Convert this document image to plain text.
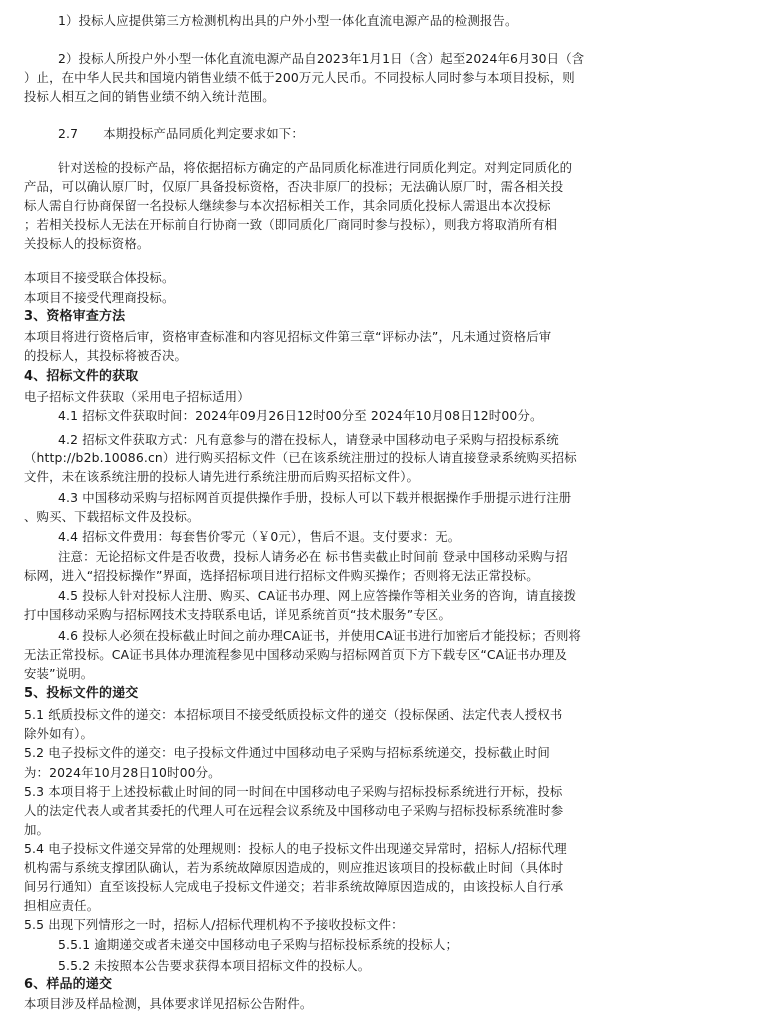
1）投标人应提供第三方检测机构出具的户外小型一体化直流电源产品的检测报告。
2）投标人所投户外小型一体化直流电源产品自2023年1月1日（含）起至2024年6月30日（含
）止，在中华人民共和国境内销售业绩不低于200万元人民币。不同投标人同时参与本项目投标，则
投标人相互之间的销售业绩不纳入统计范围。
2.7　　本期投标产品同质化判定要求如下：
针对送检的投标产品，将依据招标方确定的产品同质化标准进行同质化判定。对判定同质化的
产品，可以确认原厂时，仅原厂具备投标资格，否决非原厂的投标；无法确认原厂时，需各相关投
标人需自行协商保留一名投标人继续参与本次招标相关工作，其余同质化投标人需退出本次投标
；若相关投标人无法在开标前自行协商一致（即同质化厂商同时参与投标），则我方将取消所有相
关投标人的投标资格。
本项目不接受联合体投标。
本项目不接受代理商投标。
3、资格审查方法
本项目将进行资格后审，资格审查标准和内容见招标文件第三章“评标办法”，凡未通过资格后审
的投标人，其投标将被否决。
4、招标文件的获取
电子招标文件获取（采用电子招标适用）
4.1 招标文件获取时间：2024年09月26日12时00分至 2024年10月08日12时00分。
4.2 招标文件获取方式：凡有意参与的潜在投标人，请登录中国移动电子采购与招投标系统
（http://b2b.10086.cn）进行购买招标文件（已在该系统注册过的投标人请直接登录系统购买招标
文件，未在该系统注册的投标人请先进行系统注册而后购买招标文件）。
4.3 中国移动采购与招标网首页提供操作手册，投标人可以下载并根据操作手册提示进行注册
、购买、下载招标文件及投标。
4.4 招标文件费用：每套售价零元（￥0元），售后不退。支付要求：无。
注意：无论招标文件是否收费，投标人请务必在 标书售卖截止时间前 登录中国移动采购与招
标网，进入“招投标操作”界面，选择招标项目进行招标文件购买操作；否则将无法正常投标。
4.5 投标人针对投标人注册、购买、CA证书办理、网上应答操作等相关业务的咨询，请直接拨
打中国移动采购与招标网技术支持联系电话，详见系统首页“技术服务”专区。
4.6 投标人必须在投标截止时间之前办理CA证书，并使用CA证书进行加密后才能投标；否则将
无法正常投标。CA证书具体办理流程参见中国移动采购与招标网首页下方下载专区“CA证书办理及
安装”说明。
5、投标文件的递交
5.1 纸质投标文件的递交：本招标项目不接受纸质投标文件的递交（投标保函、法定代表人授权书
除外如有）。
5.2 电子投标文件的递交：电子投标文件通过中国移动电子采购与招标系统递交，投标截止时间
为：2024年10月28日10时00分。
5.3 本项目将于上述投标截止时间的同一时间在中国移动电子采购与招标投标系统进行开标，投标
人的法定代表人或者其委托的代理人可在远程会议系统及中国移动电子采购与招标投标系统准时参
加。
5.4 电子投标文件递交异常的处理规则：投标人的电子投标文件出现递交异常时，招标人/招标代理
机构需与系统支撑团队确认，若为系统故障原因造成的，则应推迟该项目的投标截止时间（具体时
间另行通知）直至该投标人完成电子投标文件递交；若非系统故障原因造成的，由该投标人自行承
担相应责任。
5.5 出现下列情形之一时，招标人/招标代理机构不予接收投标文件：
5.5.1 逾期递交或者未递交中国移动电子采购与招标投标系统的投标人；
5.5.2 未按照本公告要求获得本项目招标文件的投标人。
6、样品的递交
本项目涉及样品检测，具体要求详见招标公告附件。
